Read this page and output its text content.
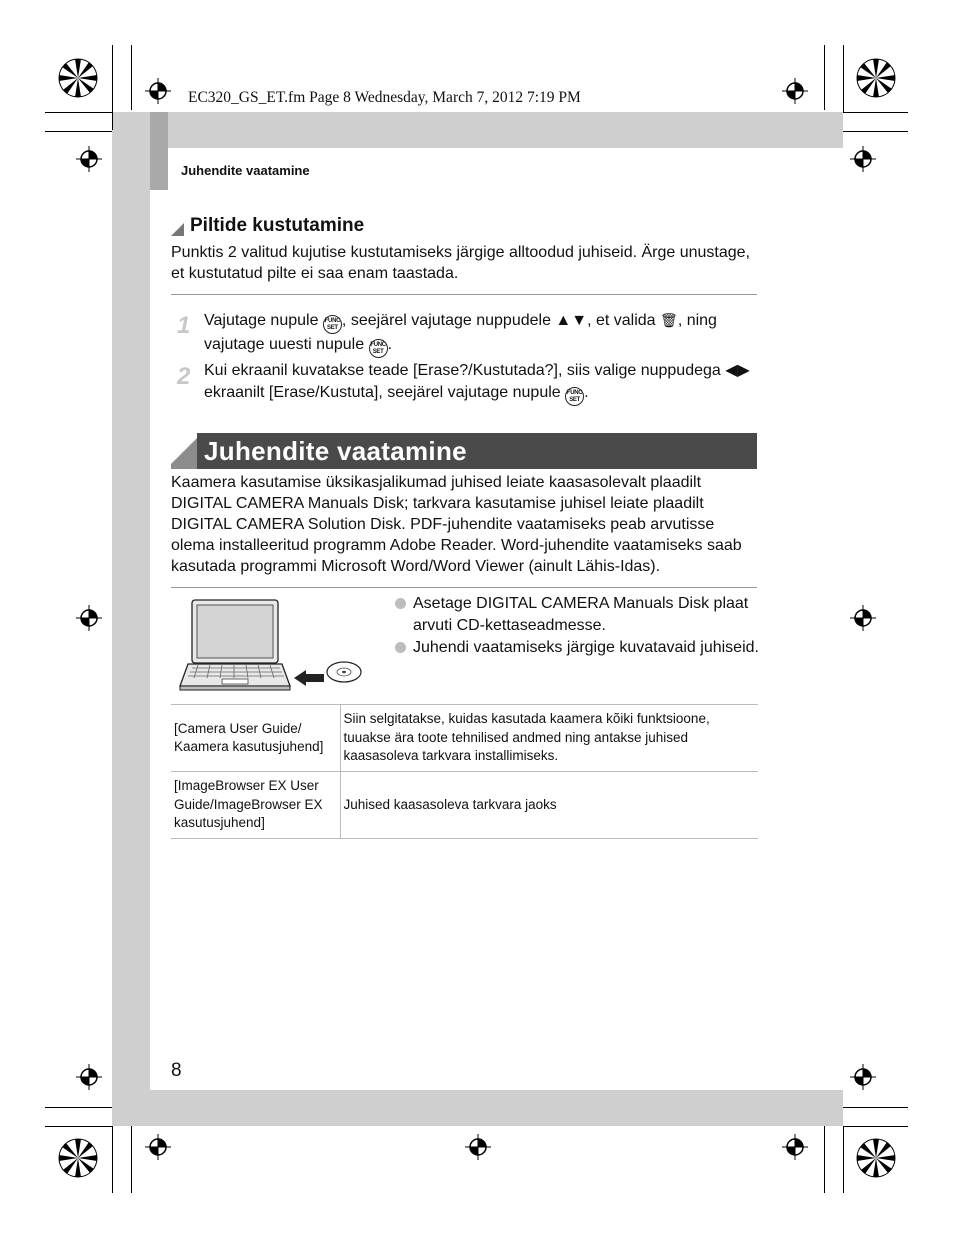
EC320_GS_ET.fm Page 8 Wednesday, March 7, 2012 7:19 PM
Juhendite vaatamine
Piltide kustutamine
Punktis 2 valitud kujutise kustutamiseks järgige alltoodud juhiseid. Ärge unustage, et kustutatud pilte ei saa enam taastada.
1 Vajutage nupule FUNC
SET , seejärel vajutage nuppudele ▲▼, et valida 🗑, ning vajutage uuesti nupule FUNC
SET .
2 Kui ekraanil kuvatakse teade [Erase?/Kustutada?], siis valige nuppudega ◀▶ ekraanilt [Erase/Kustuta], seejärel vajutage nupule FUNC
SET .
Juhendite vaatamine
Kaamera kasutamise üksikasjalikumad juhised leiate kaasasolevalt plaadilt DIGITAL CAMERA Manuals Disk; tarkvara kasutamise juhisel leiate plaadilt DIGITAL CAMERA Solution Disk. PDF-juhendite vaatamiseks peab arvutisse olema installeeritud programm Adobe Reader. Word-juhendite vaatamiseks saab kasutada programmi Microsoft Word/Word Viewer (ainult Lähis-Idas).
Asetage DIGITAL CAMERA Manuals Disk plaat arvuti CD-kettaseadmesse.
Juhendi vaatamiseks järgige kuvatavaid juhiseid.
[Camera User Guide/ Kaamera kasutusjuhend]	Siin selgitatakse, kuidas kasutada kaamera kõiki funktsioone, tuuakse ära toote tehnilised andmed ning antakse juhised kaasasoleva tarkvara installimiseks.
[ImageBrowser EX User Guide/ImageBrowser EX kasutusjuhend]	Juhised kaasasoleva tarkvara jaoks
8
